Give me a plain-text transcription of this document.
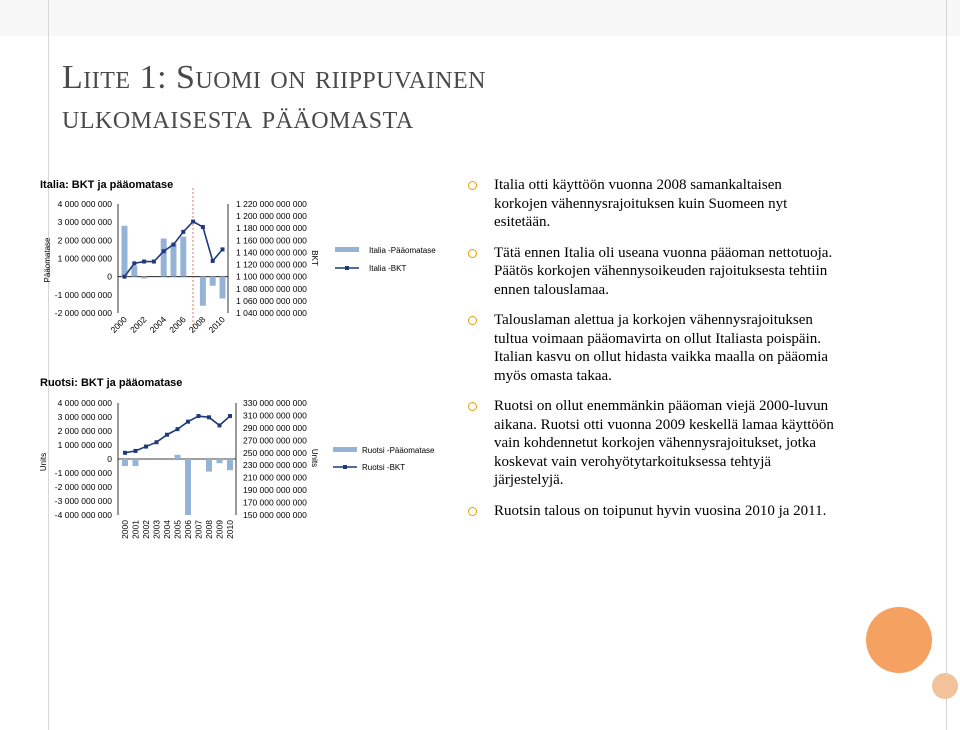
Liite 1: Suomi on riippuvainen
ulkomaisesta pääomasta
Italia: BKT ja pääomatase
Pääomatase	BKT
4 000 000 000
3 000 000 000
2 000 000 000
1 000 000 000
0
-1 000 000 000
-2 000 000 000
1 220 000 000 000
1 200 000 000 000
1 180 000 000 000
1 160 000 000 000
1 140 000 000 000
1 120 000 000 000
1 100 000 000 000
1 080 000 000 000
1 060 000 000 000
1 040 000 000 000
2000 2002 2004 2006 2008 2010
Italia -Pääomatase
Italia -BKT
Ruotsi: BKT ja pääomatase
Units	Units
4 000 000 000
3 000 000 000
2 000 000 000
1 000 000 000
0
-1 000 000 000
-2 000 000 000
-3 000 000 000
-4 000 000 000
330 000 000 000
310 000 000 000
290 000 000 000
270 000 000 000
250 000 000 000
230 000 000 000
210 000 000 000
190 000 000 000
170 000 000 000
150 000 000 000
2000 2001 2002 2003 2004 2005 2006 2007 2008 2009 2010
Ruotsi -Pääomatase
Ruotsi -BKT
Italia otti käyttöön vuonna 2008 samankaltaisen korkojen vähennysrajoituksen kuin Suomeen nyt esitetään.
Tätä ennen Italia oli useana vuonna pääoman nettotuoja. Päätös korkojen vähennysoikeuden rajoituksesta tehtiin ennen talouslamaa.
Talouslaman alettua ja korkojen vähennysrajoituksen tultua voimaan pääomavirta on ollut Italiasta poispäin. Italian kasvu on ollut hidasta vaikka maalla on pääomia myös omasta takaa.
Ruotsi on ollut enemmänkin pääoman viejä 2000-luvun aikana. Ruotsi otti vuonna 2009 keskellä lamaa käyttöön vain kohdennetut korkojen vähennysrajoitukset, jotka koskevat vain verohyötytarkoituksessa tehtyjä järjestelyjä.
Ruotsin talous on toipunut hyvin vuosina 2010 ja 2011.
